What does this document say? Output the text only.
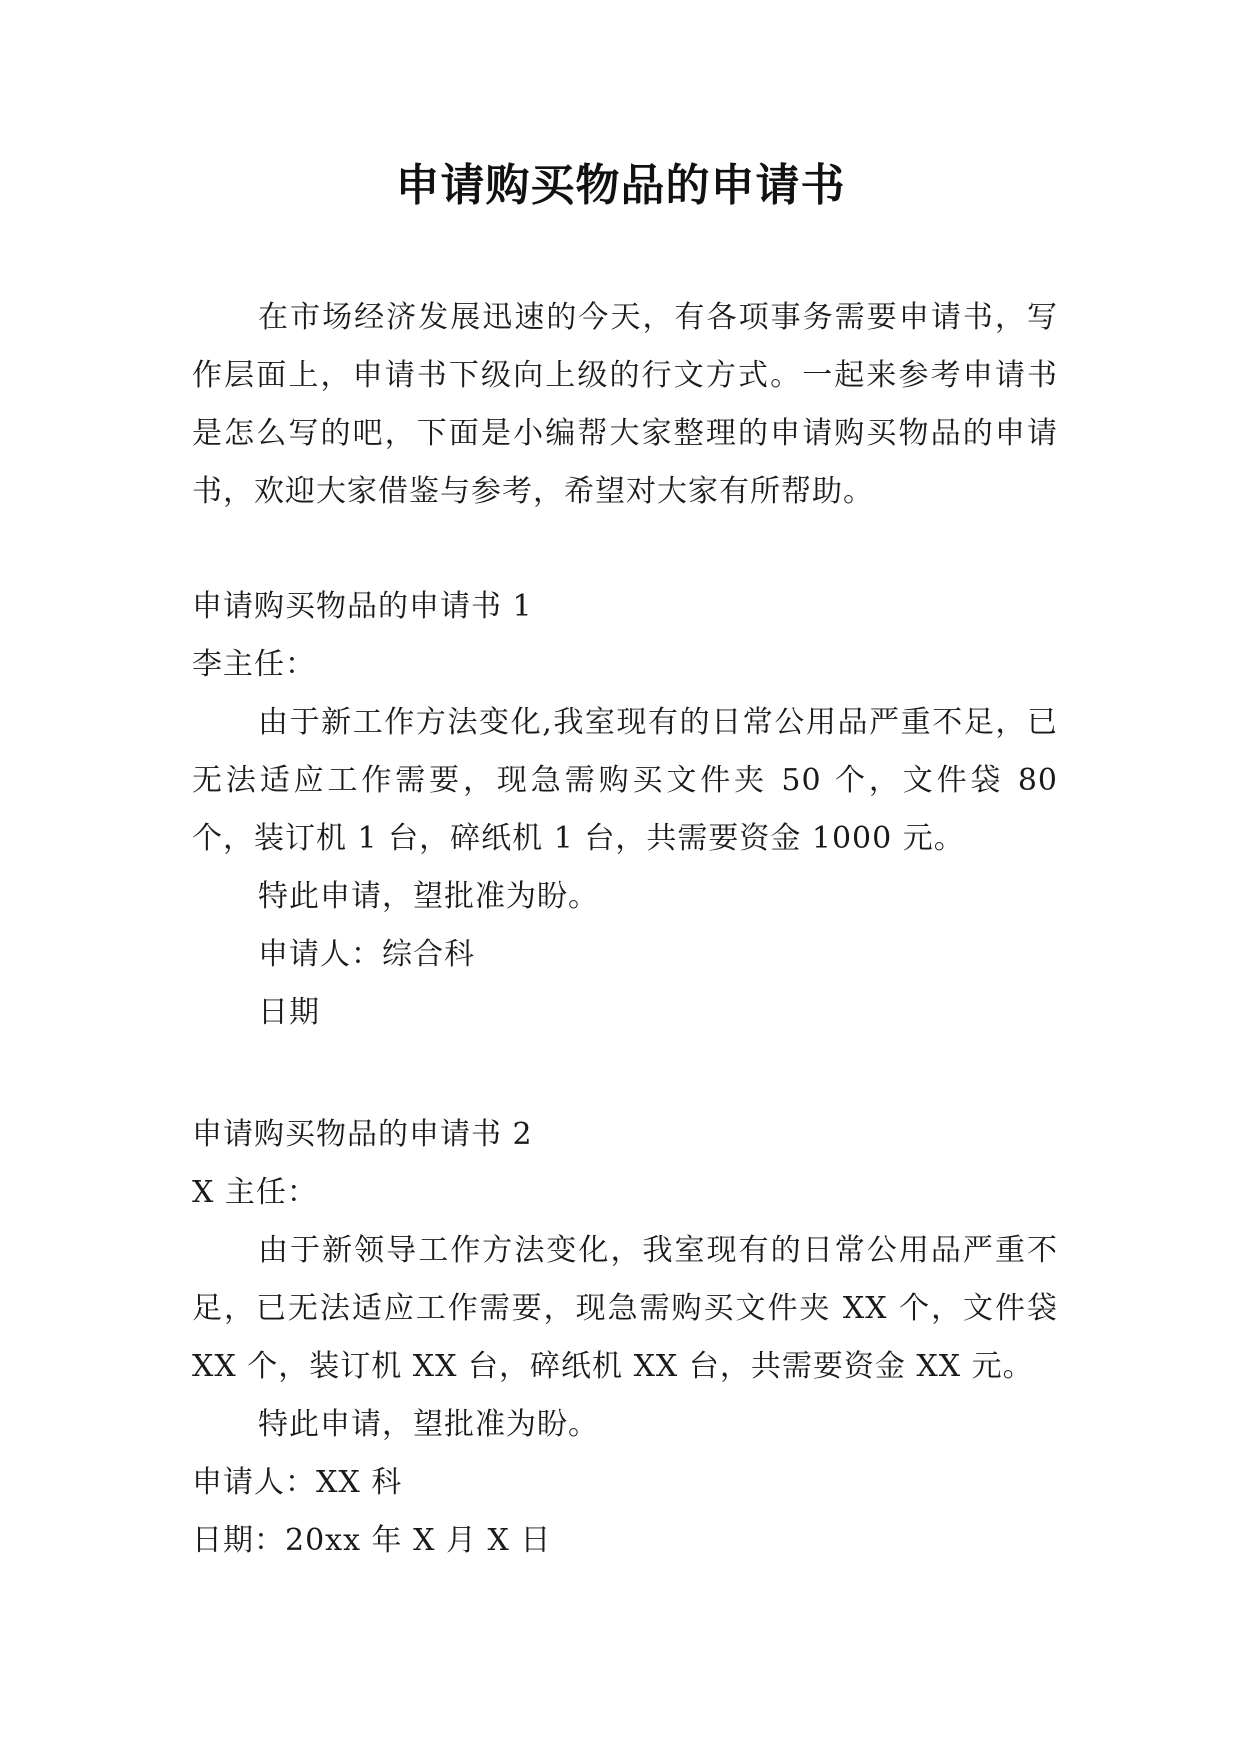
申请购买物品的申请书

在市场经济发展迅速的今天，有各项事务需要申请书，写作层面上，申请书下级向上级的行文方式。一起来参考申请书是怎么写的吧，下面是小编帮大家整理的申请购买物品的申请书，欢迎大家借鉴与参考，希望对大家有所帮助。

申请购买物品的申请书 1

李主任：

由于新工作方法变化,我室现有的日常公用品严重不足，已无法适应工作需要，现急需购买文件夹 50 个，文件袋 80 个，装订机 1 台，碎纸机 1 台，共需要资金 1000 元。

特此申请，望批准为盼。

申请人：综合科

日期

申请购买物品的申请书 2

X 主任：

由于新领导工作方法变化，我室现有的日常公用品严重不足，已无法适应工作需要，现急需购买文件夹 XX 个，文件袋 XX 个，装订机 XX 台，碎纸机 XX 台，共需要资金 XX 元。

特此申请，望批准为盼。

申请人：XX 科

日期：20xx 年 X 月 X 日
